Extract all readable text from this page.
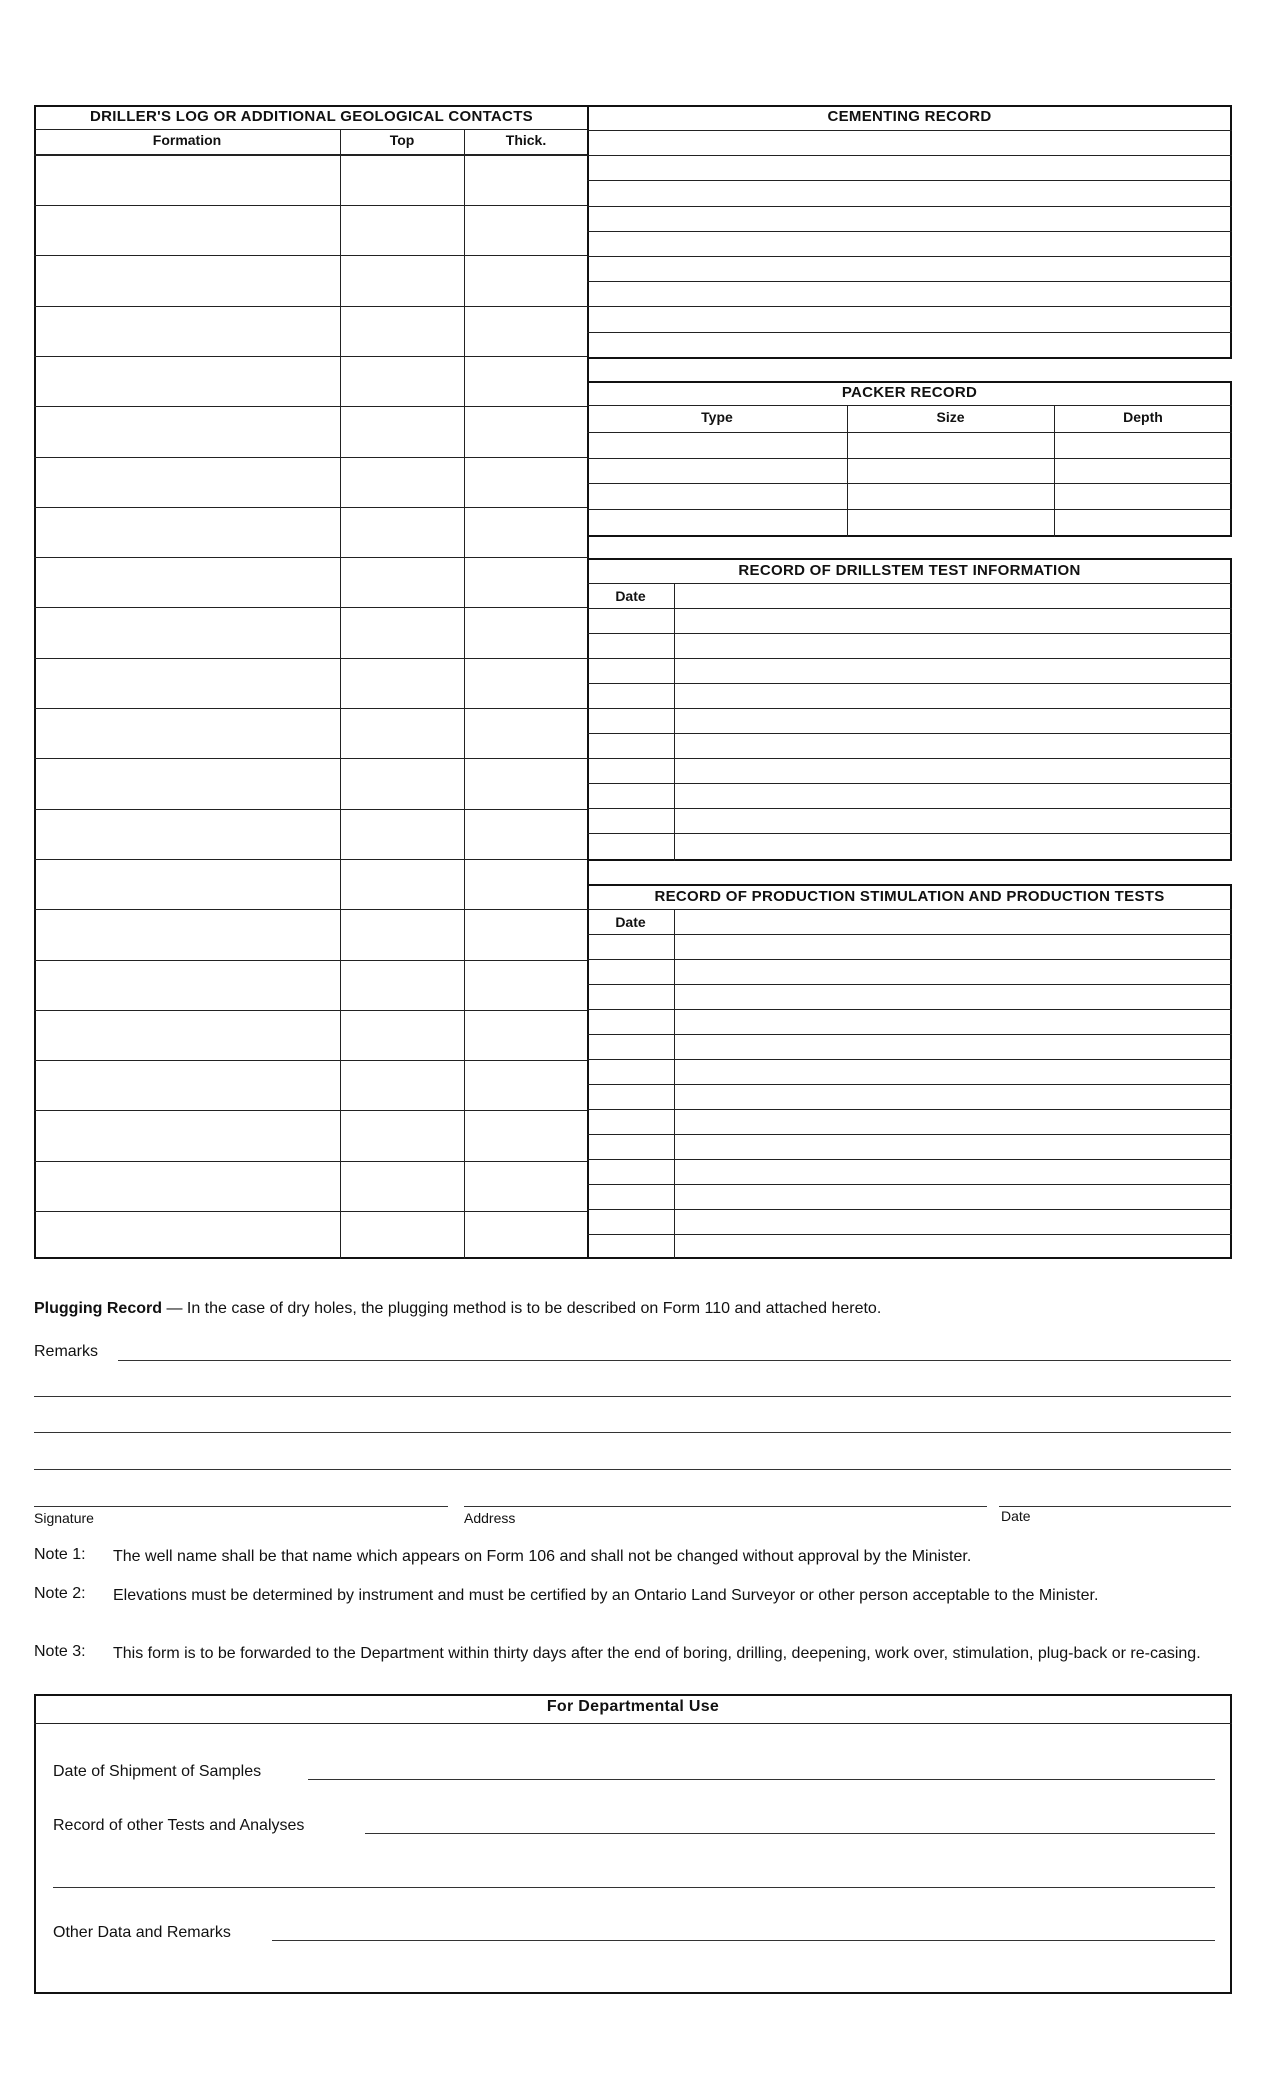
DRILLER'S LOG OR ADDITIONAL GEOLOGICAL CONTACTS
Formation	Top	Thick.
CEMENTING RECORD
PACKER RECORD
Type	Size	Depth
RECORD OF DRILLSTEM TEST INFORMATION
Date
RECORD OF PRODUCTION STIMULATION AND PRODUCTION TESTS
Date
Plugging Record — In the case of dry holes, the plugging method is to be described on Form 110 and attached hereto.
Remarks
Signature	Address	Date
Note 1: The well name shall be that name which appears on Form 106 and shall not be changed without approval by the Minister.
Note 2: Elevations must be determined by instrument and must be certified by an Ontario Land Surveyor or other person acceptable to the Minister.
Note 3: This form is to be forwarded to the Department within thirty days after the end of boring, drilling, deepening, work over, stimulation, plug-back or re-casing.
For Departmental Use
Date of Shipment of Samples
Record of other Tests and Analyses
Other Data and Remarks
